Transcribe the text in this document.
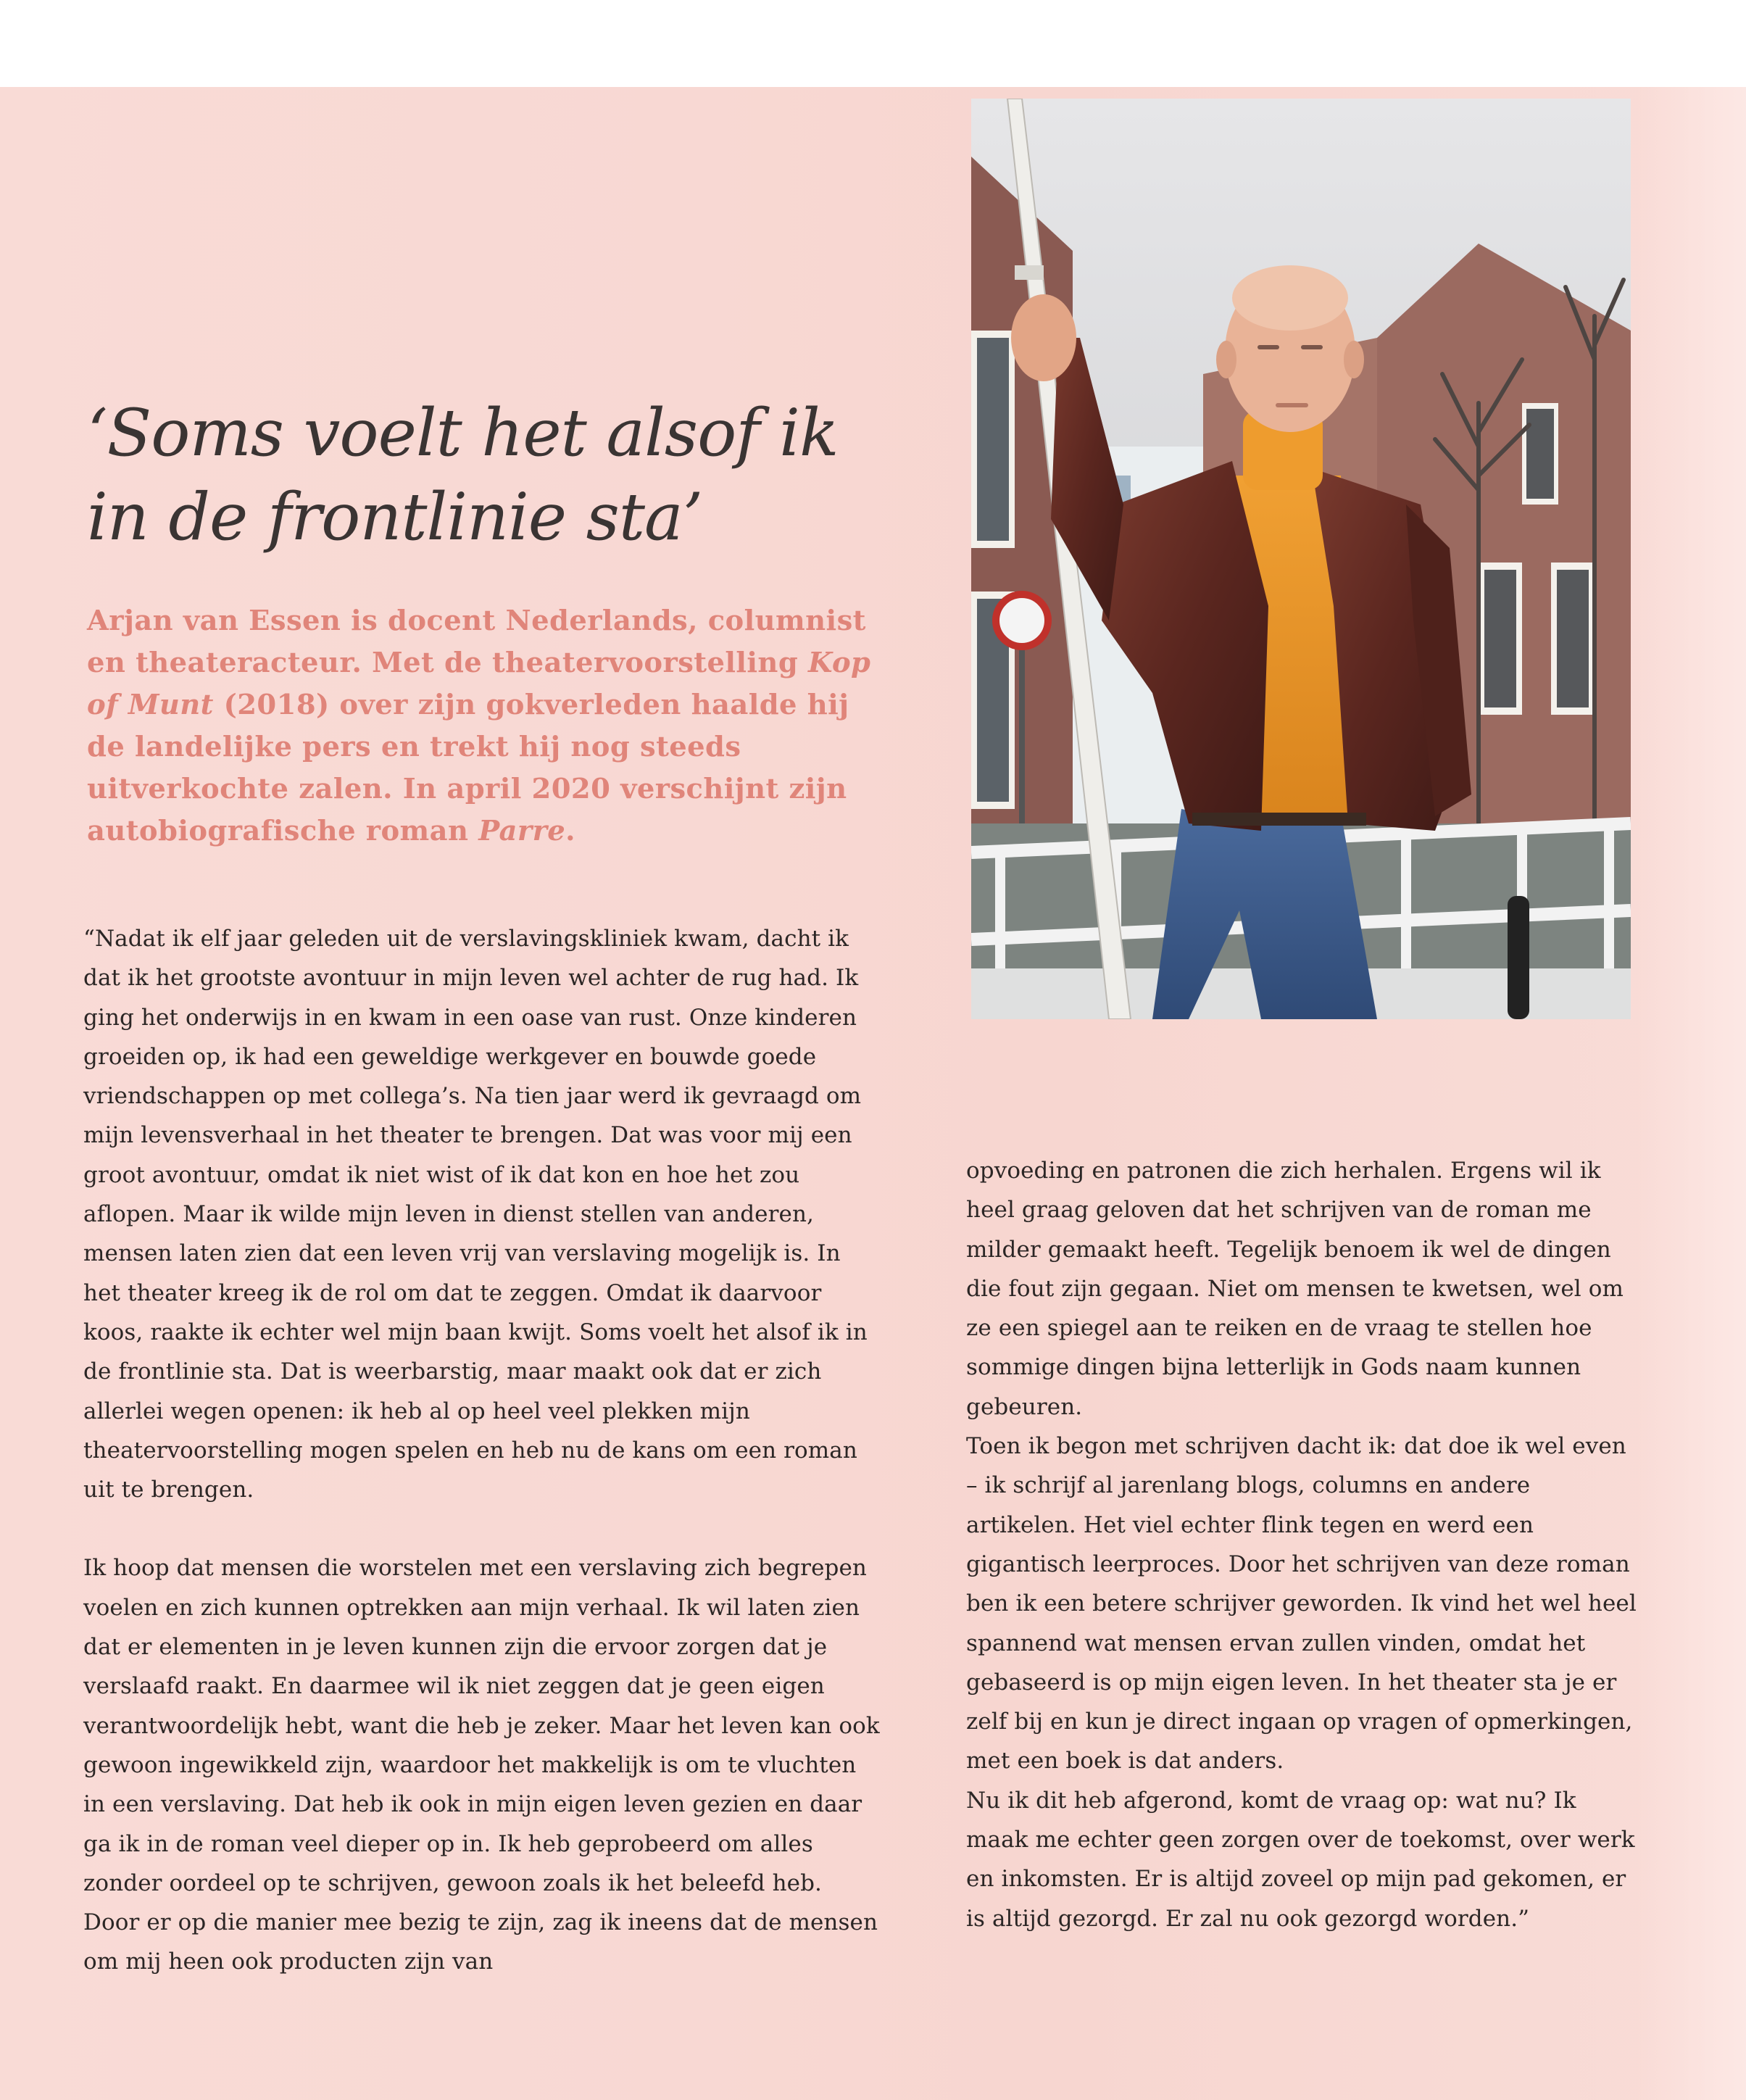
‘Soms voelt het alsof ik
in de frontlinie sta’

Arjan van Essen is docent Nederlands, columnist en theateracteur. Met de theatervoorstelling Kop of Munt (2018) over zijn gokverleden haalde hij de landelijke pers en trekt hij nog steeds uitverkochte zalen. In april 2020 verschijnt zijn autobiografische roman Parre.

“Nadat ik elf jaar geleden uit de verslavingskliniek kwam, dacht ik dat ik het grootste avontuur in mijn leven wel achter de rug had. Ik ging het onderwijs in en kwam in een oase van rust. Onze kinderen groeiden op, ik had een geweldige werkgever en bouwde goede vriendschappen op met collega’s. Na tien jaar werd ik gevraagd om mijn levensverhaal in het theater te brengen. Dat was voor mij een groot avontuur, omdat ik niet wist of ik dat kon en hoe het zou aflopen. Maar ik wilde mijn leven in dienst stellen van anderen, mensen laten zien dat een leven vrij van verslaving mogelijk is. In het theater kreeg ik de rol om dat te zeggen. Omdat ik daarvoor koos, raakte ik echter wel mijn baan kwijt. Soms voelt het alsof ik in de frontlinie sta. Dat is weerbarstig, maar maakt ook dat er zich allerlei wegen openen: ik heb al op heel veel plekken mijn theatervoorstelling mogen spelen en heb nu de kans om een roman uit te brengen.

Ik hoop dat mensen die worstelen met een verslaving zich begrepen voelen en zich kunnen optrekken aan mijn verhaal. Ik wil laten zien dat er elementen in je leven kunnen zijn die ervoor zorgen dat je verslaafd raakt. En daarmee wil ik niet zeggen dat je geen eigen verantwoordelijk hebt, want die heb je zeker. Maar het leven kan ook gewoon ingewikkeld zijn, waardoor het makkelijk is om te vluchten in een verslaving. Dat heb ik ook in mijn eigen leven gezien en daar ga ik in de roman veel dieper op in. Ik heb geprobeerd om alles zonder oordeel op te schrijven, gewoon zoals ik het beleefd heb. Door er op die manier mee bezig te zijn, zag ik ineens dat de mensen om mij heen ook producten zijn van

opvoeding en patronen die zich herhalen. Ergens wil ik heel graag geloven dat het schrijven van de roman me milder gemaakt heeft. Tegelijk benoem ik wel de dingen die fout zijn gegaan. Niet om mensen te kwetsen, wel om ze een spiegel aan te reiken en de vraag te stellen hoe sommige dingen bijna letterlijk in Gods naam kunnen gebeuren.

Toen ik begon met schrijven dacht ik: dat doe ik wel even – ik schrijf al jarenlang blogs, columns en andere artikelen. Het viel echter flink tegen en werd een gigantisch leerproces. Door het schrijven van deze roman ben ik een betere schrijver geworden. Ik vind het wel heel spannend wat mensen ervan zullen vinden, omdat het gebaseerd is op mijn eigen leven. In het theater sta je er zelf bij en kun je direct ingaan op vragen of opmerkingen, met een boek is dat anders.

Nu ik dit heb afgerond, komt de vraag op: wat nu? Ik maak me echter geen zorgen over de toekomst, over werk en inkomsten. Er is altijd zoveel op mijn pad gekomen, er is altijd gezorgd. Er zal nu ook gezorgd worden.”
